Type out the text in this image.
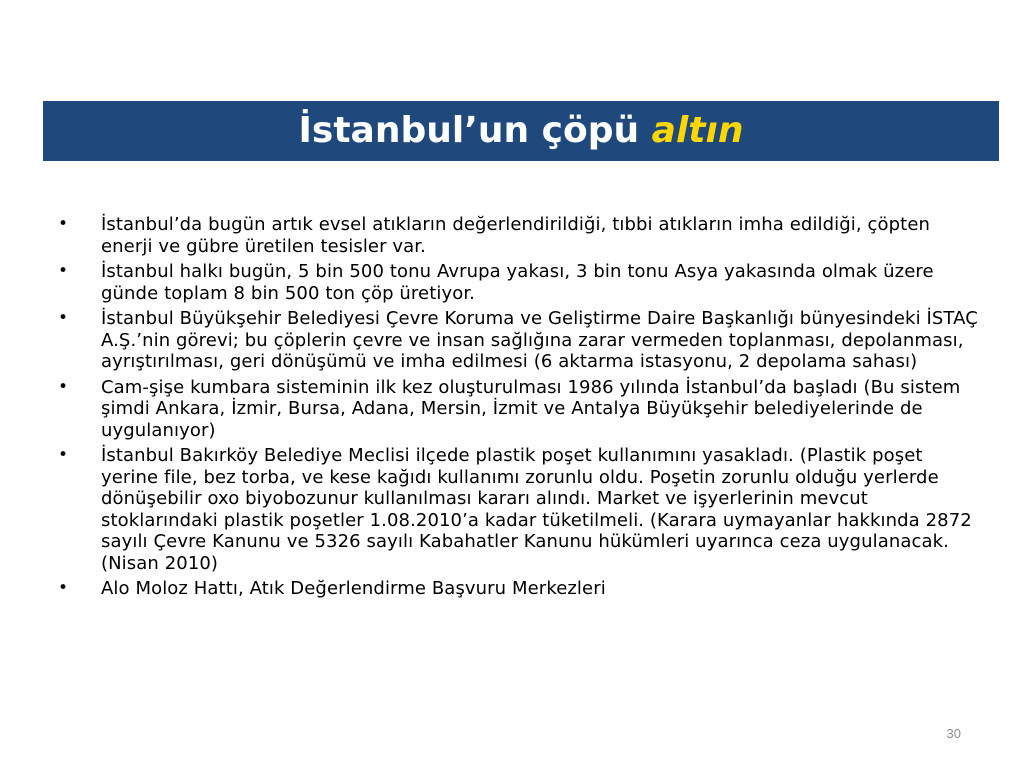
İstanbul’un çöpü altın
• İstanbul’da bugün artık evsel atıkların değerlendirildiği, tıbbi atıkların imha edildiği, çöpten enerji ve gübre üretilen tesisler var.
• İstanbul halkı bugün, 5 bin 500 tonu Avrupa yakası, 3 bin tonu Asya yakasında olmak üzere günde toplam 8 bin 500 ton çöp üretiyor.
• İstanbul Büyükşehir Belediyesi Çevre Koruma ve Geliştirme Daire Başkanlığı bünyesindeki İSTAÇ A.Ş.’nin görevi; bu çöplerin çevre ve insan sağlığına zarar vermeden toplanması, depolanması, ayrıştırılması, geri dönüşümü ve imha edilmesi (6 aktarma istasyonu, 2 depolama sahası)
• Cam-şişe kumbara sisteminin ilk kez oluşturulması 1986 yılında İstanbul’da başladı (Bu sistem şimdi Ankara, İzmir, Bursa, Adana, Mersin, İzmit ve Antalya Büyükşehir belediyelerinde de uygulanıyor)
• İstanbul Bakırköy Belediye Meclisi ilçede plastik poşet kullanımını yasakladı. (Plastik poşet yerine file, bez torba, ve kese kağıdı kullanımı zorunlu oldu. Poşetin zorunlu olduğu yerlerde dönüşebilir oxo biyobozunur kullanılması kararı alındı. Market ve işyerlerinin mevcut stoklarındaki plastik poşetler 1.08.2010’a kadar tüketilmeli. (Karara uymayanlar hakkında 2872 sayılı Çevre Kanunu ve 5326 sayılı Kabahatler Kanunu hükümleri uyarınca ceza uygulanacak. (Nisan 2010)
• Alo Moloz Hattı, Atık Değerlendirme Başvuru Merkezleri
30
